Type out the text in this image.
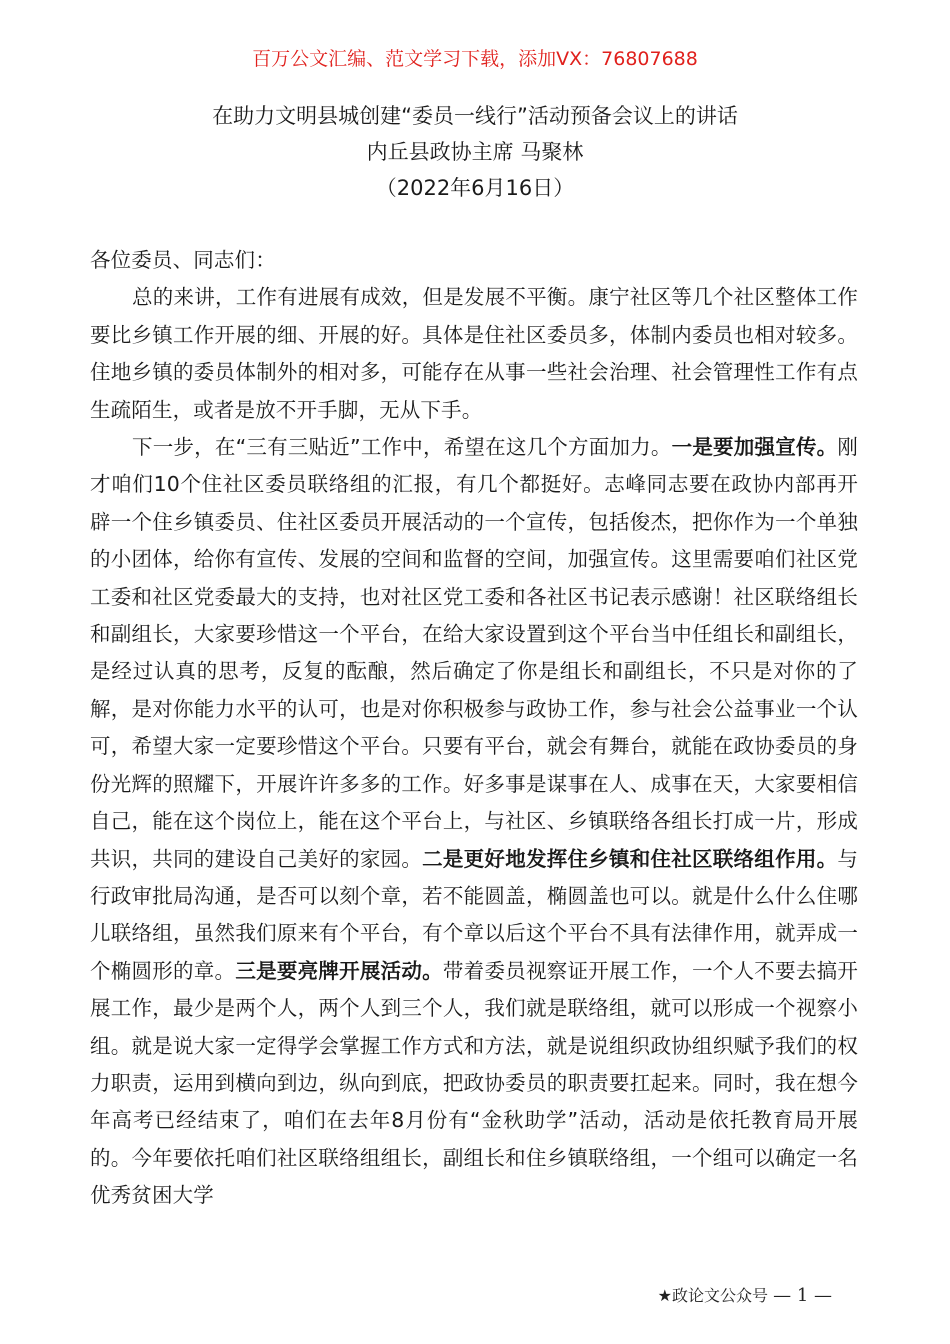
百万公文汇编、范文学习下载，添加VX：76807688
在助力文明县城创建“委员一线行”活动预备会议上的讲话
内丘县政协主席 马聚林
（2022年6月16日）

各位委员、同志们：

总的来讲，工作有进展有成效，但是发展不平衡。康宁社区等几个社区整体工作要比乡镇工作开展的细、开展的好。具体是住社区委员多，体制内委员也相对较多。住地乡镇的委员体制外的相对多，可能存在从事一些社会治理、社会管理性工作有点生疏陌生，或者是放不开手脚，无从下手。

下一步，在“三有三贴近”工作中，希望在这几个方面加力。一是要加强宣传。刚才咱们10个住社区委员联络组的汇报，有几个都挺好。志峰同志要在政协内部再开辟一个住乡镇委员、住社区委员开展活动的一个宣传，包括俊杰，把你作为一个单独的小团体，给你有宣传、发展的空间和监督的空间，加强宣传。这里需要咱们社区党工委和社区党委最大的支持，也对社区党工委和各社区书记表示感谢！社区联络组长和副组长，大家要珍惜这一个平台，在给大家设置到这个平台当中任组长和副组长，是经过认真的思考，反复的酝酿，然后确定了你是组长和副组长，不只是对你的了解，是对你能力水平的认可，也是对你积极参与政协工作，参与社会公益事业一个认可，希望大家一定要珍惜这个平台。只要有平台，就会有舞台，就能在政协委员的身份光辉的照耀下，开展许许多多的工作。好多事是谋事在人、成事在天，大家要相信自己，能在这个岗位上，能在这个平台上，与社区、乡镇联络各组长打成一片，形成共识，共同的建设自己美好的家园。二是更好地发挥住乡镇和住社区联络组作用。与行政审批局沟通，是否可以刻个章，若不能圆盖，椭圆盖也可以。就是什么什么住哪儿联络组，虽然我们原来有个平台，有个章以后这个平台不具有法律作用，就弄成一个椭圆形的章。三是要亮牌开展活动。带着委员视察证开展工作，一个人不要去搞开展工作，最少是两个人，两个人到三个人，我们就是联络组，就可以形成一个视察小组。就是说大家一定得学会掌握工作方式和方法，就是说组织政协组织赋予我们的权力职责，运用到横向到边，纵向到底，把政协委员的职责要扛起来。同时，我在想今年高考已经结束了，咱们在去年8月份有“金秋助学”活动，活动是依托教育局开展的。今年要依托咱们社区联络组组长，副组长和住乡镇联络组，一个组可以确定一名优秀贫困大学

★政论文公众号 — 1 —
